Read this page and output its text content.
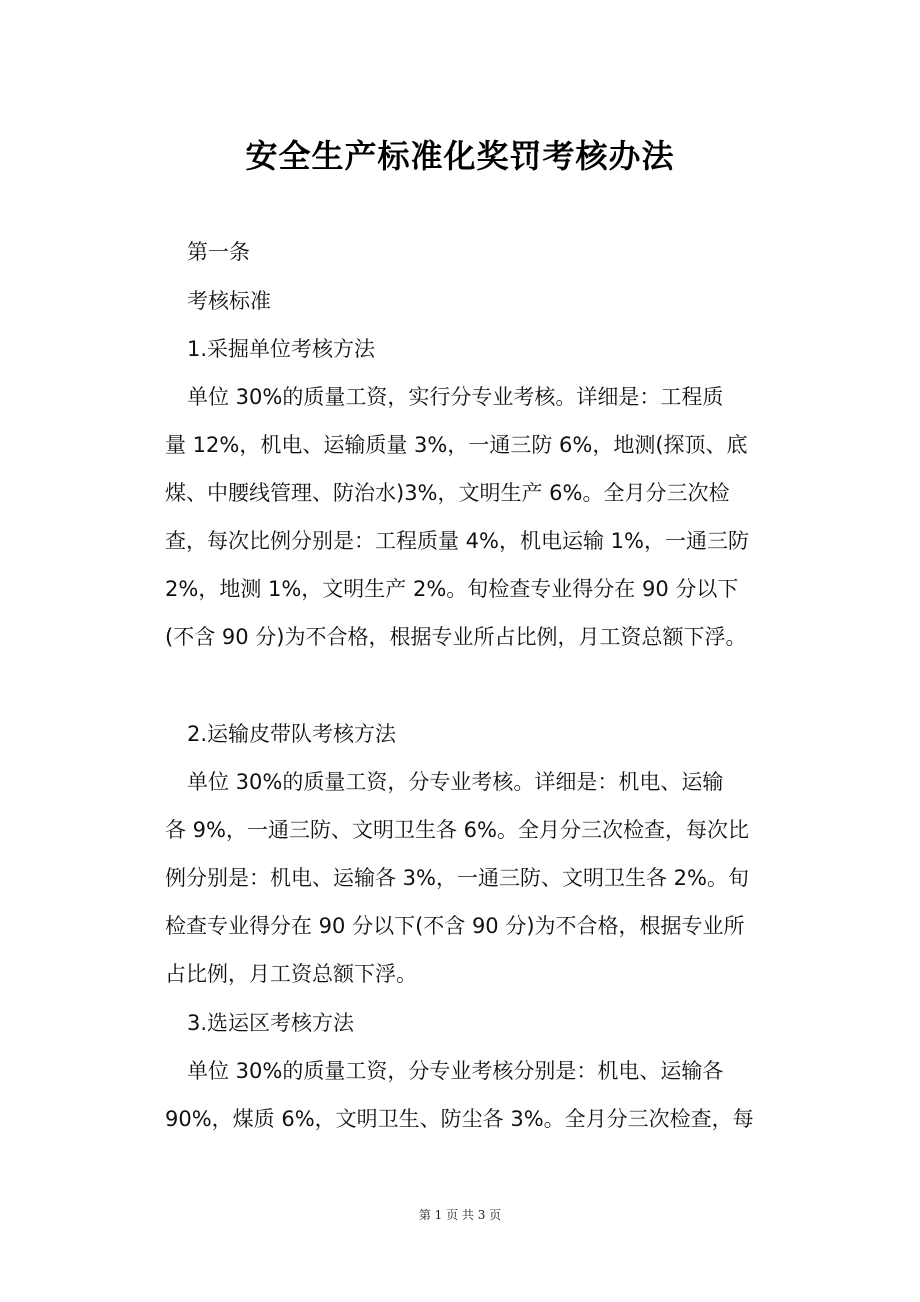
安全生产标准化奖罚考核办法

第一条

考核标准

1.采掘单位考核方法

单位 30%的质量工资，实行分专业考核。详细是：工程质

量 12%，机电、运输质量 3%，一通三防 6%，地测(探顶、底

煤、中腰线管理、防治水)3%，文明生产 6%。全月分三次检

查，每次比例分别是：工程质量 4%，机电运输 1%，一通三防

2%，地测 1%，文明生产 2%。旬检查专业得分在 90 分以下

(不含 90 分)为不合格，根据专业所占比例，月工资总额下浮。

2.运输皮带队考核方法

单位 30%的质量工资，分专业考核。详细是：机电、运输

各 9%，一通三防、文明卫生各 6%。全月分三次检查，每次比

例分别是：机电、运输各 3%，一通三防、文明卫生各 2%。旬

检查专业得分在 90 分以下(不含 90 分)为不合格，根据专业所

占比例，月工资总额下浮。

3.选运区考核方法

单位 30%的质量工资，分专业考核分别是：机电、运输各

90%，煤质 6%，文明卫生、防尘各 3%。全月分三次检查，每

第 1 页 共 3 页
